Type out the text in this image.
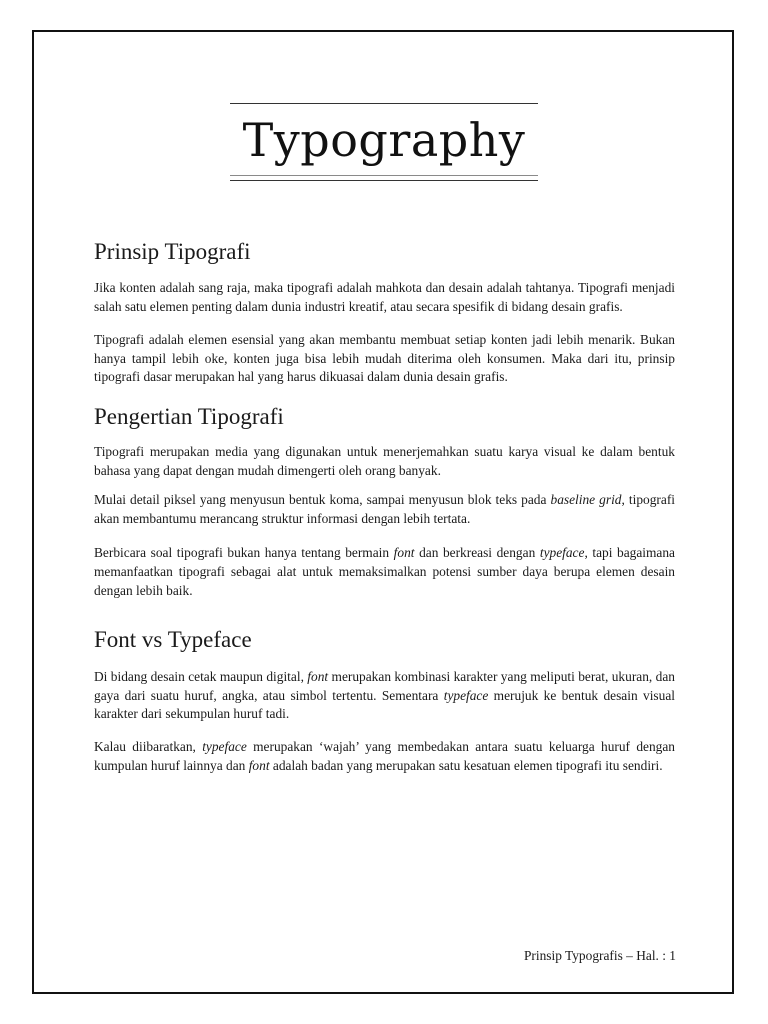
Typography
Prinsip Tipografi

Jika konten adalah sang raja, maka tipografi adalah mahkota dan desain adalah tahtanya. Tipografi menjadi salah satu elemen penting dalam dunia industri kreatif, atau secara spesifik di bidang desain grafis.

Tipografi adalah elemen esensial yang akan membantu membuat setiap konten jadi lebih menarik. Bukan hanya tampil lebih oke, konten juga bisa lebih mudah diterima oleh konsumen. Maka dari itu, prinsip tipografi dasar merupakan hal yang harus dikuasai dalam dunia desain grafis.

Pengertian Tipografi

Tipografi merupakan media yang digunakan untuk menerjemahkan suatu karya visual ke dalam bentuk bahasa yang dapat dengan mudah dimengerti oleh orang banyak.

Mulai detail piksel yang menyusun bentuk koma, sampai menyusun blok teks pada baseline grid, tipografi akan membantumu merancang struktur informasi dengan lebih tertata.

Berbicara soal tipografi bukan hanya tentang bermain font dan berkreasi dengan typeface, tapi bagaimana memanfaatkan tipografi sebagai alat untuk memaksimalkan potensi sumber daya berupa elemen desain dengan lebih baik.

Font vs Typeface

Di bidang desain cetak maupun digital, font merupakan kombinasi karakter yang meliputi berat, ukuran, dan gaya dari suatu huruf, angka, atau simbol tertentu. Sementara typeface merujuk ke bentuk desain visual karakter dari sekumpulan huruf tadi.

Kalau diibaratkan, typeface merupakan ‘wajah’ yang membedakan antara suatu keluarga huruf dengan kumpulan huruf lainnya dan font adalah badan yang merupakan satu kesatuan elemen tipografi itu sendiri.

Prinsip Typografis – Hal. : 1
